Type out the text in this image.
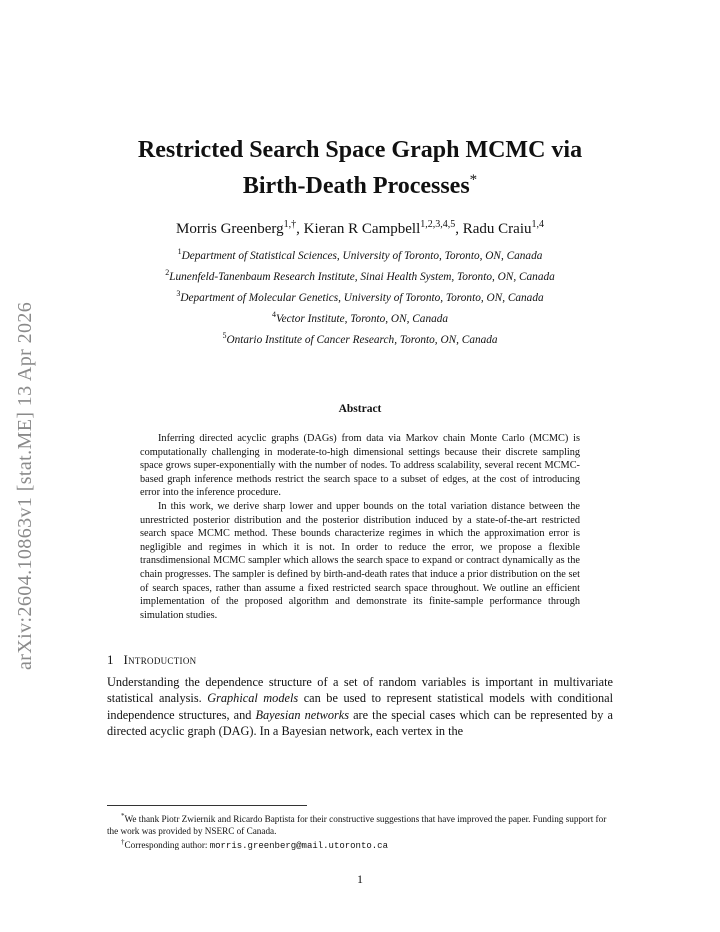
arXiv:2604.10863v1 [stat.ME] 13 Apr 2026
Restricted Search Space Graph MCMC via
Birth-Death Processes*
Morris Greenberg$^{1,\dagger}$, Kieran R Campbell$^{1,2,3,4,5}$, Radu Craiu$^{1,4}$
$^1$Department of Statistical Sciences, University of Toronto, Toronto, ON, Canada
$^2$Lunenfeld-Tanenbaum Research Institute, Sinai Health System, Toronto, ON, Canada
$^3$Department of Molecular Genetics, University of Toronto, Toronto, ON, Canada
$^4$Vector Institute, Toronto, ON, Canada
$^5$Ontario Institute of Cancer Research, Toronto, ON, Canada
Abstract

Inferring directed acyclic graphs (DAGs) from data via Markov chain Monte Carlo (MCMC) is computationally challenging in moderate-to-high dimensional settings because their discrete sampling space grows super-exponentially with the number of nodes. To address scalability, several recent MCMC-based graph inference methods restrict the search space to a subset of edges, at the cost of introducing error into the inference procedure.

In this work, we derive sharp lower and upper bounds on the total variation distance between the unrestricted posterior distribution and the posterior distribution induced by a state-of-the-art restricted search space MCMC method. These bounds characterize regimes in which the approximation error is negligible and regimes in which it is not. In order to reduce the error, we propose a flexible transdimensional MCMC sampler which allows the search space to expand or contract dynamically as the chain progresses. The sampler is defined by birth-and-death rates that induce a prior distribution on the set of search spaces, rather than assume a fixed restricted search space throughout. We outline an efficient implementation of the proposed algorithm and demonstrate its finite-sample performance through simulation studies.

1 Introduction

Understanding the dependence structure of a set of random variables is important in multivariate statistical analysis. Graphical models can be used to represent statistical models with conditional independence structures, and Bayesian networks are the special cases which can be represented by a directed acyclic graph (DAG). In a Bayesian network, each vertex in the

*We thank Piotr Zwiernik and Ricardo Baptista for their constructive suggestions that have improved the paper. Funding support for the work was provided by NSERC of Canada.
†Corresponding author: morris.greenberg@mail.utoronto.ca
1
